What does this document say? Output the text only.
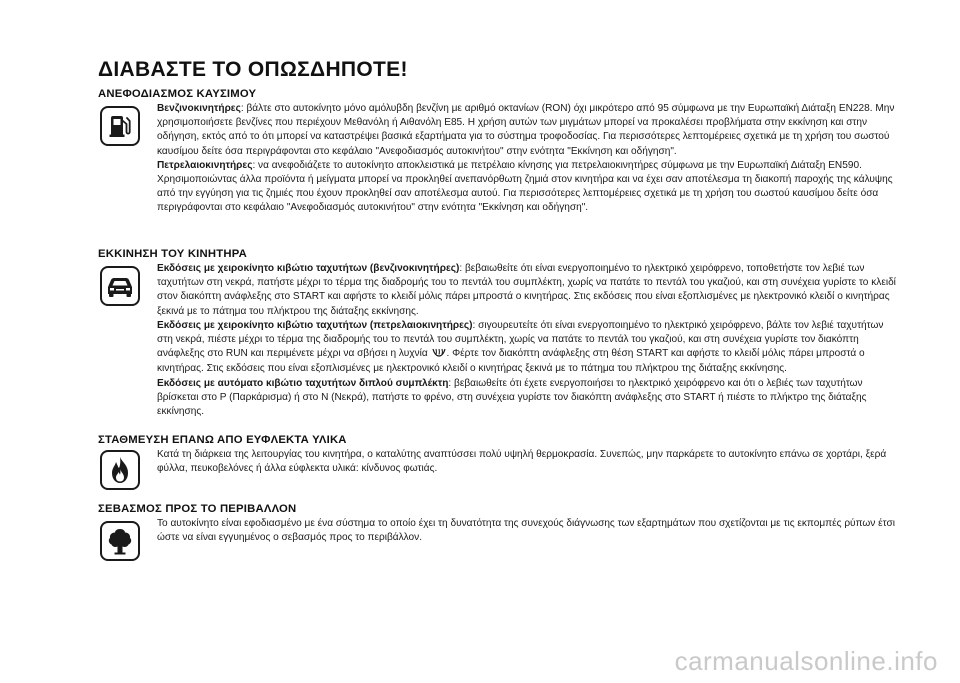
ΔΙΑΒΑΣΤΕ ΤΟ ΟΠΩΣΔΗΠΟΤΕ!
ΑΝΕΦΟΔΙΑΣΜΟΣ ΚΑΥΣΙΜΟΥ

Βενζινοκινητήρες: βάλτε στο αυτοκίνητο μόνο αμόλυβδη βενζίνη με αριθμό οκτανίων (RON) όχι μικρότερο από 95 σύμφωνα με την Ευρωπαϊκή Διάταξη EN228. Μην χρησιμοποιήσετε βενζίνες που περιέχουν Μεθανόλη ή Αιθανόλη E85. Η χρήση αυτών των μιγμάτων μπορεί να προκαλέσει προβλήματα στην εκκίνηση και στην οδήγηση, εκτός από το ότι μπορεί να καταστρέψει βασικά εξαρτήματα για το σύστημα τροφοδοσίας. Για περισσότερες λεπτομέρειες σχετικά με τη χρήση του σωστού καυσίμου δείτε όσα περιγράφονται στο κεφάλαιο "Ανεφοδιασμός αυτοκινήτου" στην ενότητα "Εκκίνηση και οδήγηση".

Πετρελαιοκινητήρες: να ανεφοδιάζετε το αυτοκίνητο αποκλειστικά με πετρέλαιο κίνησης για πετρελαιοκινητήρες σύμφωνα με την Ευρωπαϊκή Διάταξη EN590. Χρησιμοποιώντας άλλα προϊόντα ή μείγματα μπορεί να προκληθεί ανεπανόρθωτη ζημιά στον κινητήρα και να έχει σαν αποτέλεσμα τη διακοπή παροχής της κάλυψης από την εγγύηση για τις ζημιές που έχουν προκληθεί σαν αποτέλεσμα αυτού. Για περισσότερες λεπτομέρειες σχετικά με τη χρήση του σωστού καυσίμου δείτε όσα περιγράφονται στο κεφάλαιο "Ανεφοδιασμός αυτοκινήτου" στην ενότητα "Εκκίνηση και οδήγηση".

ΕΚΚΙΝΗΣΗ ΤΟΥ ΚΙΝΗΤΗΡΑ

Εκδόσεις με χειροκίνητο κιβώτιο ταχυτήτων (βενζινοκινητήρες): βεβαιωθείτε ότι είναι ενεργοποιημένο το ηλεκτρικό χειρόφρενο, τοποθετήστε τον λεβιέ των ταχυτήτων στη νεκρά, πατήστε μέχρι το τέρμα της διαδρομής του το πεντάλ του συμπλέκτη, χωρίς να πατάτε το πεντάλ του γκαζιού, και στη συνέχεια γυρίστε το κλειδί στον διακόπτη ανάφλεξης στο START και αφήστε το κλειδί μόλις πάρει μπροστά ο κινητήρας. Στις εκδόσεις που είναι εξοπλισμένες με ηλεκτρονικό κλειδί ο κινητήρας ξεκινά με το πάτημα του πλήκτρου της διάταξης εκκίνησης.

Εκδόσεις με χειροκίνητο κιβώτιο ταχυτήτων (πετρελαιοκινητήρες): σιγουρευτείτε ότι είναι ενεργοποιημένο το ηλεκτρικό χειρόφρενο, βάλτε τον λεβιέ ταχυτήτων στη νεκρά, πιέστε μέχρι το τέρμα της διαδρομής του το πεντάλ του συμπλέκτη, χωρίς να πατάτε το πεντάλ του γκαζιού, και στη συνέχεια γυρίστε τον διακόπτη ανάφλεξης στο RUN και περιμένετε μέχρι να σβήσει η λυχνία . Φέρτε τον διακόπτη ανάφλεξης στη θέση START και αφήστε το κλειδί μόλις πάρει μπροστά ο κινητήρας. Στις εκδόσεις που είναι εξοπλισμένες με ηλεκτρονικό κλειδί ο κινητήρας ξεκινά με το πάτημα του πλήκτρου της διάταξης εκκίνησης.

Εκδόσεις με αυτόματο κιβώτιο ταχυτήτων διπλού συμπλέκτη: βεβαιωθείτε ότι έχετε ενεργοποιήσει το ηλεκτρικό χειρόφρενο και ότι ο λεβιές των ταχυτήτων βρίσκεται στο P (Παρκάρισμα) ή στο N (Νεκρά), πατήστε το φρένο, στη συνέχεια γυρίστε τον διακόπτη ανάφλεξης στο START ή πιέστε το πλήκτρο της διάταξης εκκίνησης.

ΣΤΑΘΜΕΥΣΗ ΕΠΑΝΩ ΑΠΟ ΕΥΦΛΕΚΤΑ ΥΛΙΚΑ

Κατά τη διάρκεια της λειτουργίας του κινητήρα, ο καταλύτης αναπτύσσει πολύ υψηλή θερμοκρασία. Συνεπώς, μην παρκάρετε το αυτοκίνητο επάνω σε χορτάρι, ξερά φύλλα, πευκοβελόνες ή άλλα εύφλεκτα υλικά: κίνδυνος φωτιάς.

ΣΕΒΑΣΜΟΣ ΠΡΟΣ ΤΟ ΠΕΡΙΒΑΛΛΟΝ

Το αυτοκίνητο είναι εφοδιασμένο με ένα σύστημα το οποίο έχει τη δυνατότητα της συνεχούς διάγνωσης των εξαρτημάτων που σχετίζονται με τις εκπομπές ρύπων έτσι ώστε να είναι εγγυημένος ο σεβασμός προς το περιβάλλον.

carmanualsonline.info
